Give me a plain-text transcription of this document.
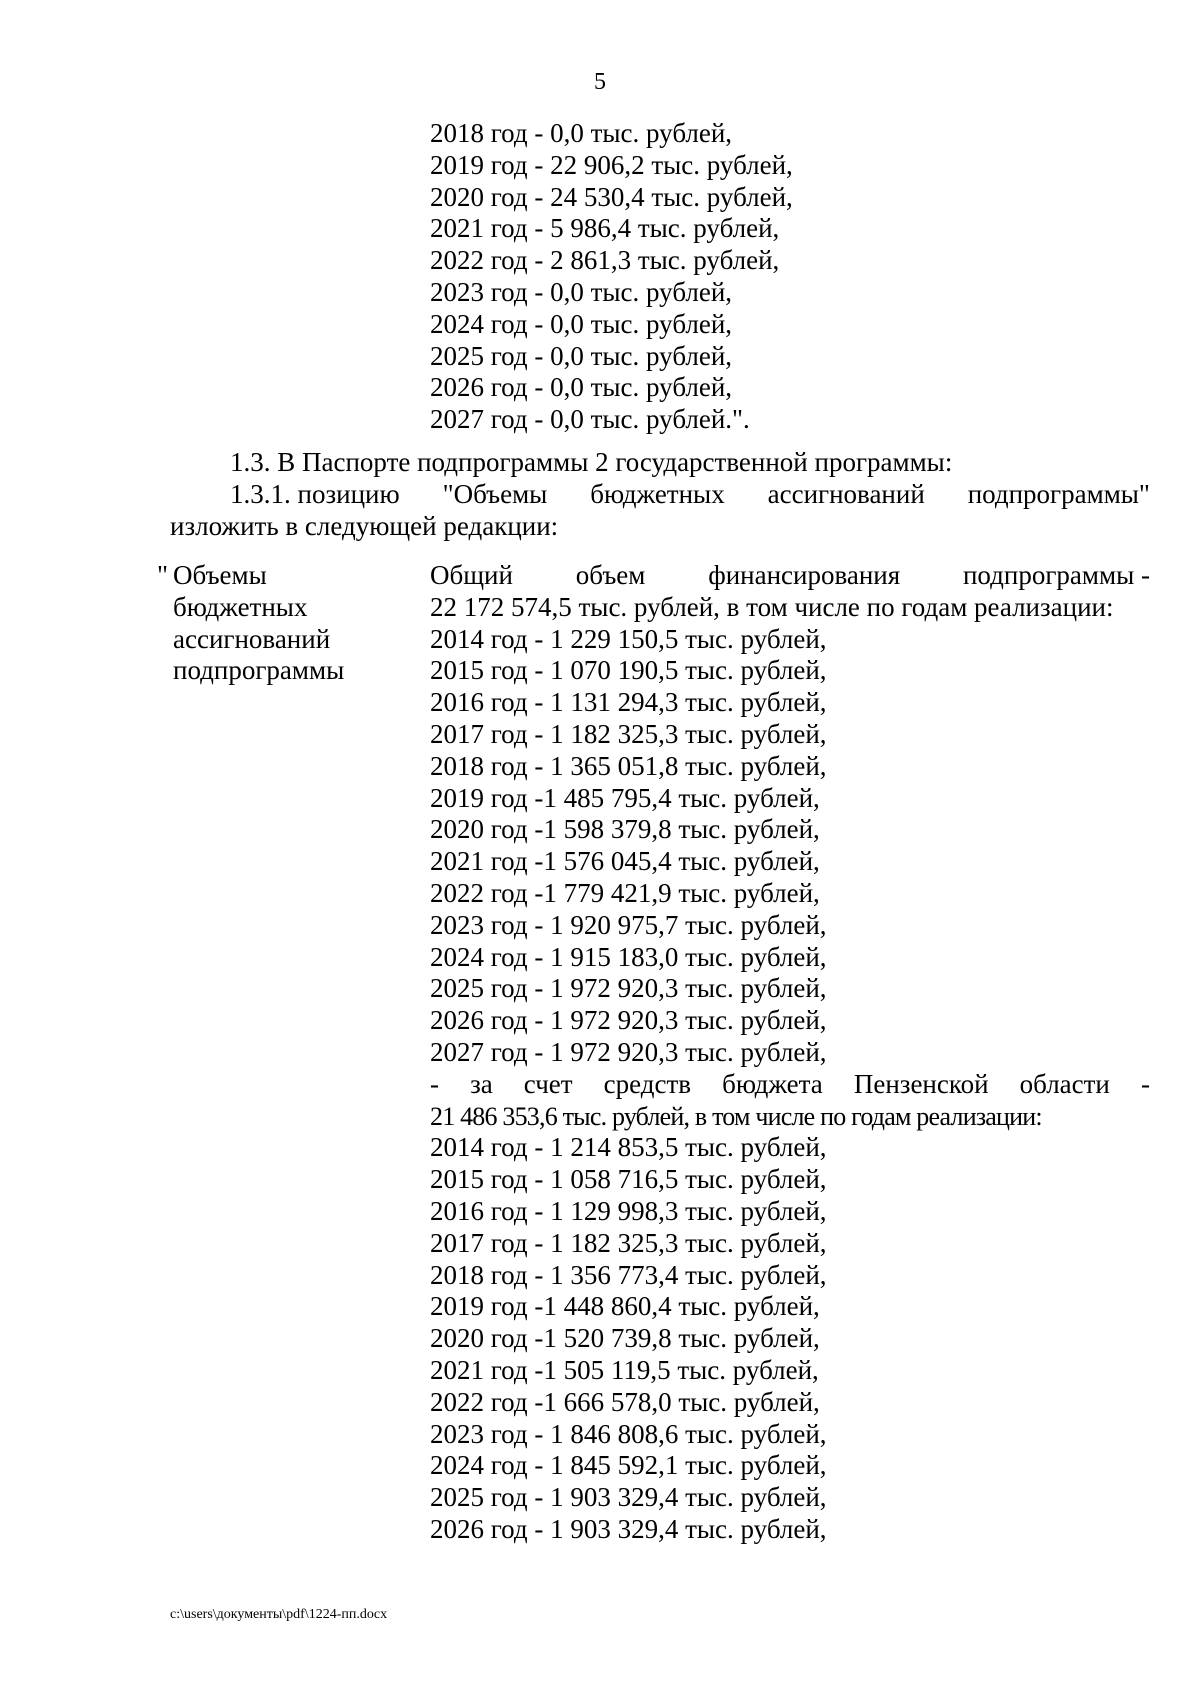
5
2018 год - 0,0 тыс. рублей,
2019 год - 22 906,2 тыс. рублей,
2020 год - 24 530,4 тыс. рублей,
2021 год - 5 986,4 тыс. рублей,
2022 год - 2 861,3 тыс. рублей,
2023 год - 0,0 тыс. рублей,
2024 год - 0,0 тыс. рублей,
2025 год - 0,0 тыс. рублей,
2026 год - 0,0 тыс. рублей,
2027 год - 0,0 тыс. рублей.".
1.3. В Паспорте подпрограммы 2 государственной программы:
1.3.1. позицию "Объемы бюджетных ассигнований подпрограммы"
изложить в следующей редакции:
" Объемы
бюджетных
ассигнований
подпрограммы
Общий объем финансирования подпрограммы -
22 172 574,5 тыс. рублей, в том числе по годам реализации:
2014 год - 1 229 150,5 тыс. рублей,
2015 год - 1 070 190,5 тыс. рублей,
2016 год - 1 131 294,3 тыс. рублей,
2017 год - 1 182 325,3 тыс. рублей,
2018 год - 1 365 051,8 тыс. рублей,
2019 год -1 485 795,4 тыс. рублей,
2020 год -1 598 379,8 тыс. рублей,
2021 год -1 576 045,4 тыс. рублей,
2022 год -1 779 421,9 тыс. рублей,
2023 год - 1 920 975,7 тыс. рублей,
2024 год - 1 915 183,0 тыс. рублей,
2025 год - 1 972 920,3 тыс. рублей,
2026 год - 1 972 920,3 тыс. рублей,
2027 год - 1 972 920,3 тыс. рублей,
- за счет средств бюджета Пензенской области -
21 486 353,6 тыс. рублей, в том числе по годам реализации:
2014 год - 1 214 853,5 тыс. рублей,
2015 год - 1 058 716,5 тыс. рублей,
2016 год - 1 129 998,3 тыс. рублей,
2017 год - 1 182 325,3 тыс. рублей,
2018 год - 1 356 773,4 тыс. рублей,
2019 год -1 448 860,4 тыс. рублей,
2020 год -1 520 739,8 тыс. рублей,
2021 год -1 505 119,5 тыс. рублей,
2022 год -1 666 578,0 тыс. рублей,
2023 год - 1 846 808,6 тыс. рублей,
2024 год - 1 845 592,1 тыс. рублей,
2025 год - 1 903 329,4 тыс. рублей,
2026 год - 1 903 329,4 тыс. рублей,
c:\users\документы\pdf\1224-пп.docx
